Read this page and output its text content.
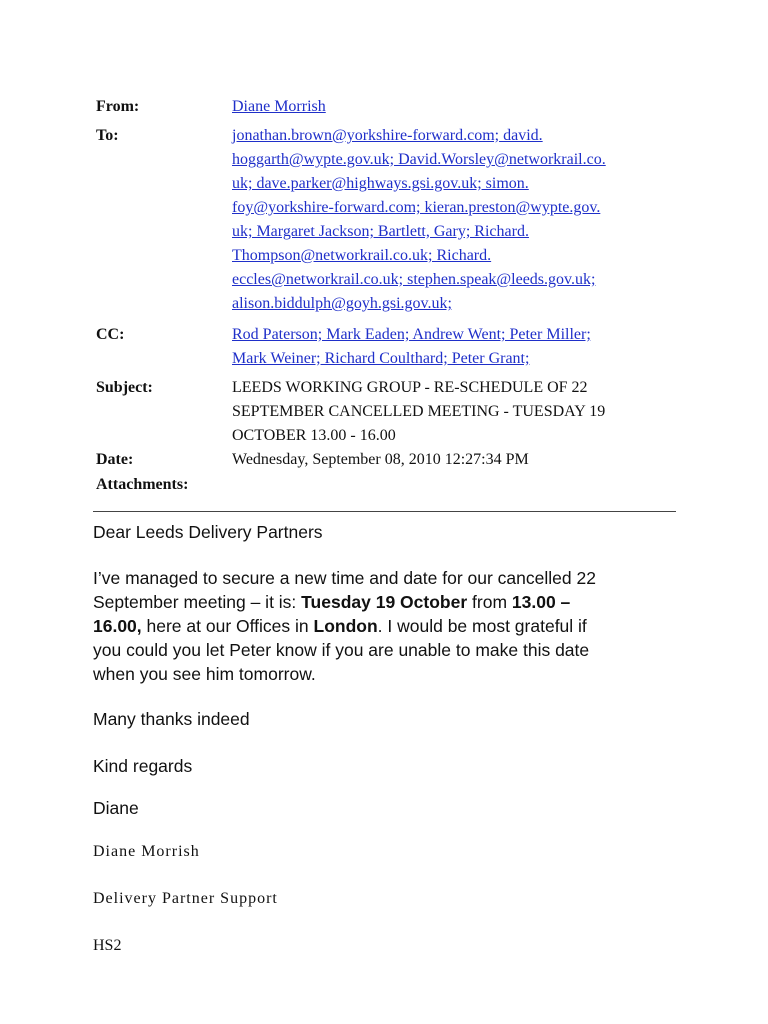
From:	Diane Morrish
To:	jonathan.brown@yorkshire-forward.com; david.
hoggarth@wypte.gov.uk; David.Worsley@networkrail.co.
uk; dave.parker@highways.gsi.gov.uk; simon.
foy@yorkshire-forward.com; kieran.preston@wypte.gov.
uk; Margaret Jackson; Bartlett, Gary; Richard.
Thompson@networkrail.co.uk; Richard.
eccles@networkrail.co.uk; stephen.speak@leeds.gov.uk;
alison.biddulph@goyh.gsi.gov.uk;
CC:	Rod Paterson; Mark Eaden; Andrew Went; Peter Miller;
Mark Weiner; Richard Coulthard; Peter Grant;
Subject:	LEEDS WORKING GROUP - RE-SCHEDULE OF 22
SEPTEMBER CANCELLED MEETING - TUESDAY 19
OCTOBER 13.00 - 16.00
Date:	Wednesday, September 08, 2010 12:27:34 PM
Attachments:
Dear Leeds Delivery Partners
I’ve managed to secure a new time and date for our cancelled 22
September meeting – it is: Tuesday 19 October from 13.00 –
16.00, here at our Offices in London. I would be most grateful if
you could you let Peter know if you are unable to make this date
when you see him tomorrow.
Many thanks indeed
Kind regards
Diane
Diane Morrish
Delivery Partner Support
HS2
